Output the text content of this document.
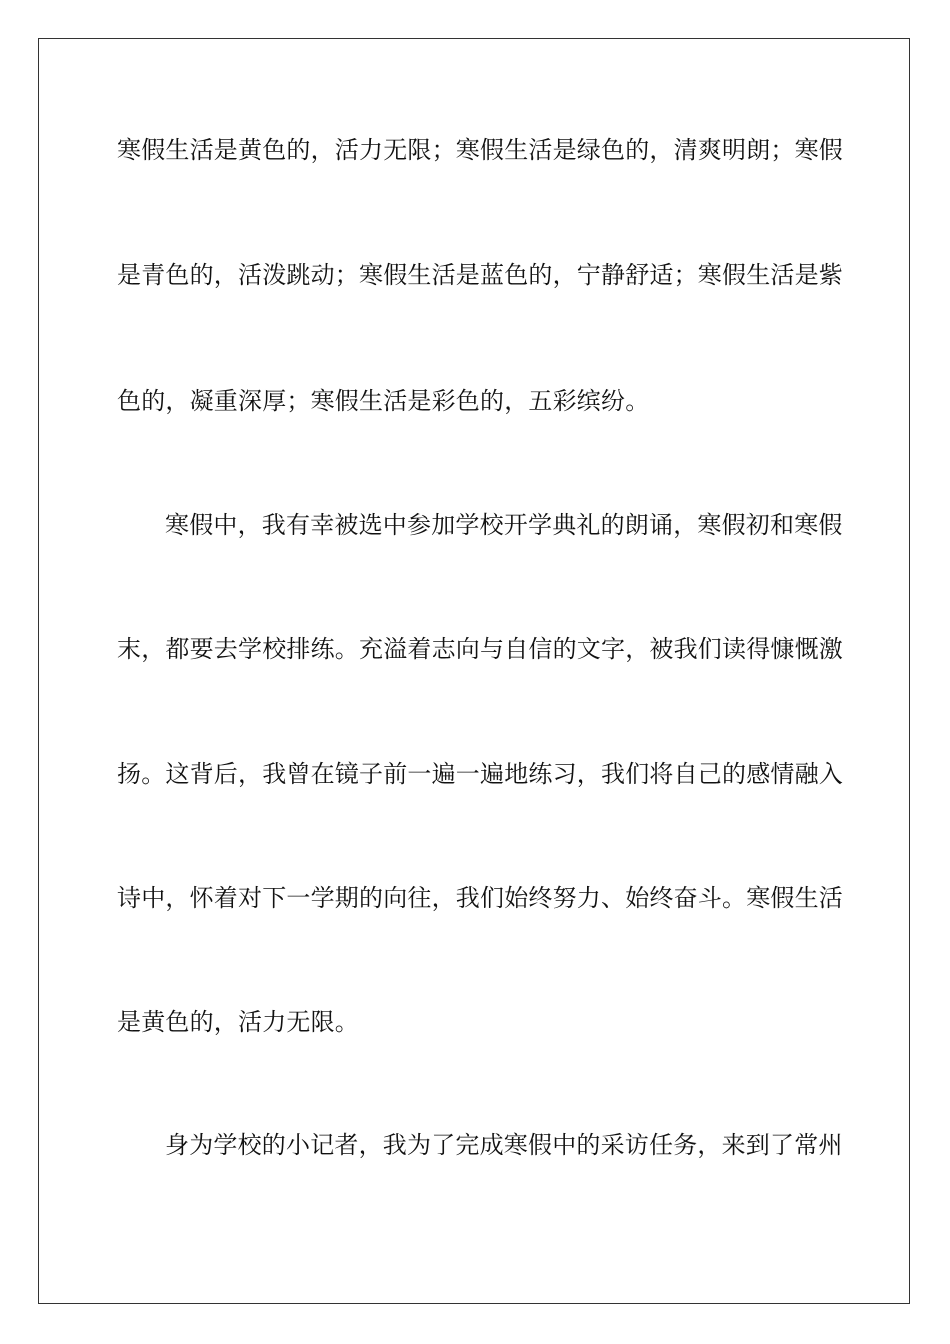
寒假生活是黄色的，活力无限；寒假生活是绿色的，清爽明朗；寒假
是青色的，活泼跳动；寒假生活是蓝色的，宁静舒适；寒假生活是紫
色的，凝重深厚；寒假生活是彩色的，五彩缤纷。
寒假中，我有幸被选中参加学校开学典礼的朗诵，寒假初和寒假
末，都要去学校排练。充溢着志向与自信的文字，被我们读得慷慨激
扬。这背后，我曾在镜子前一遍一遍地练习，我们将自己的感情融入
诗中，怀着对下一学期的向往，我们始终努力、始终奋斗。寒假生活
是黄色的，活力无限。
身为学校的小记者，我为了完成寒假中的采访任务，来到了常州
